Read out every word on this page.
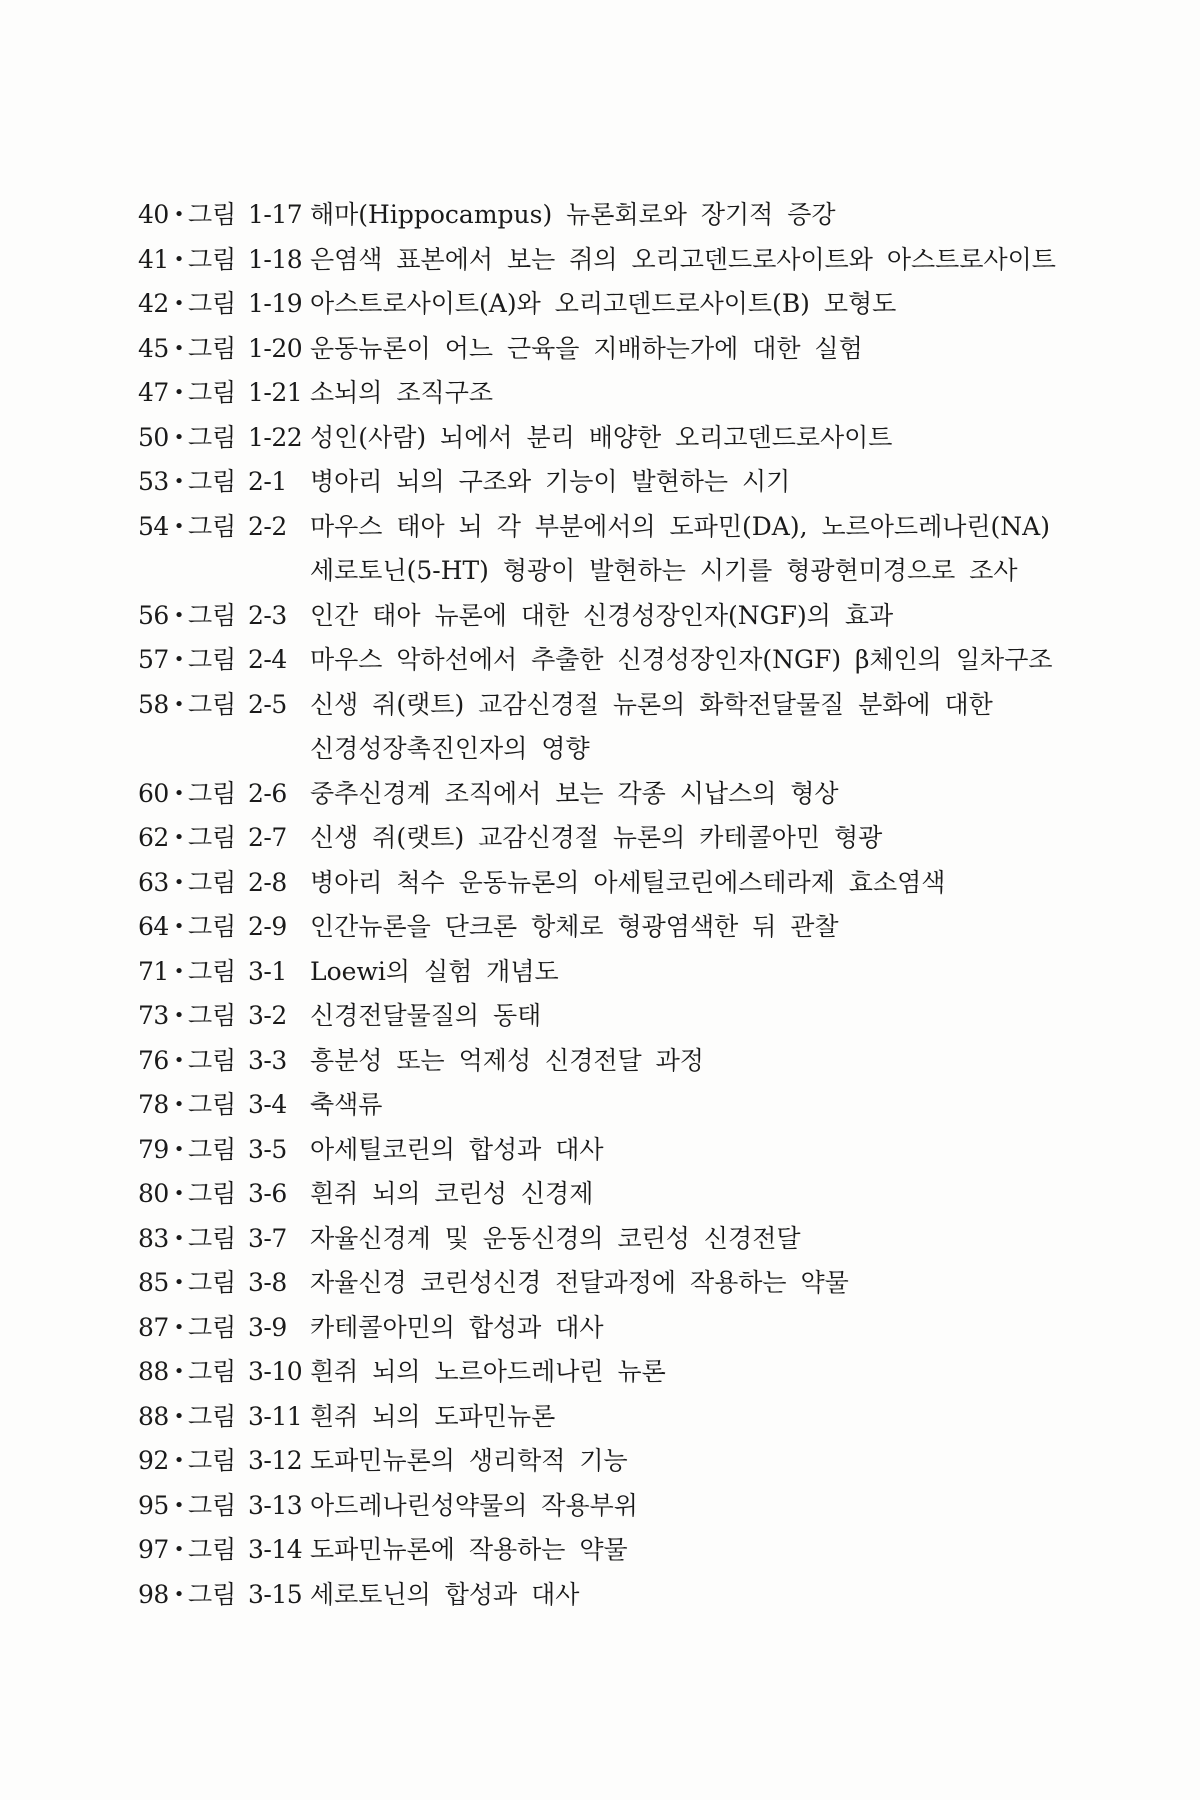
40 • 그림 1-17 해마(Hippocampus) 뉴론회로와 장기적 증강
41 • 그림 1-18 은염색 표본에서 보는 쥐의 오리고덴드로사이트와 아스트로사이트
42 • 그림 1-19 아스트로사이트(A)와 오리고덴드로사이트(B) 모형도
45 • 그림 1-20 운동뉴론이 어느 근육을 지배하는가에 대한 실험
47 • 그림 1-21 소뇌의 조직구조
50 • 그림 1-22 성인(사람) 뇌에서 분리 배양한 오리고덴드로사이트
53 • 그림 2-1 병아리 뇌의 구조와 기능이 발현하는 시기
54 • 그림 2-2 마우스 태아 뇌 각 부분에서의 도파민(DA), 노르아드레나린(NA)
세로토닌(5-HT) 형광이 발현하는 시기를 형광현미경으로 조사
56 • 그림 2-3 인간 태아 뉴론에 대한 신경성장인자(NGF)의 효과
57 • 그림 2-4 마우스 악하선에서 추출한 신경성장인자(NGF) β체인의 일차구조
58 • 그림 2-5 신생 쥐(랫트) 교감신경절 뉴론의 화학전달물질 분화에 대한
신경성장촉진인자의 영향
60 • 그림 2-6 중추신경계 조직에서 보는 각종 시납스의 형상
62 • 그림 2-7 신생 쥐(랫트) 교감신경절 뉴론의 카테콜아민 형광
63 • 그림 2-8 병아리 척수 운동뉴론의 아세틸코린에스테라제 효소염색
64 • 그림 2-9 인간뉴론을 단크론 항체로 형광염색한 뒤 관찰
71 • 그림 3-1 Loewi의 실험 개념도
73 • 그림 3-2 신경전달물질의 동태
76 • 그림 3-3 흥분성 또는 억제성 신경전달 과정
78 • 그림 3-4 축색류
79 • 그림 3-5 아세틸코린의 합성과 대사
80 • 그림 3-6 흰쥐 뇌의 코린성 신경제
83 • 그림 3-7 자율신경계 및 운동신경의 코린성 신경전달
85 • 그림 3-8 자율신경 코린성신경 전달과정에 작용하는 약물
87 • 그림 3-9 카테콜아민의 합성과 대사
88 • 그림 3-10 흰쥐 뇌의 노르아드레나린 뉴론
88 • 그림 3-11 흰쥐 뇌의 도파민뉴론
92 • 그림 3-12 도파민뉴론의 생리학적 기능
95 • 그림 3-13 아드레나린성약물의 작용부위
97 • 그림 3-14 도파민뉴론에 작용하는 약물
98 • 그림 3-15 세로토닌의 합성과 대사
